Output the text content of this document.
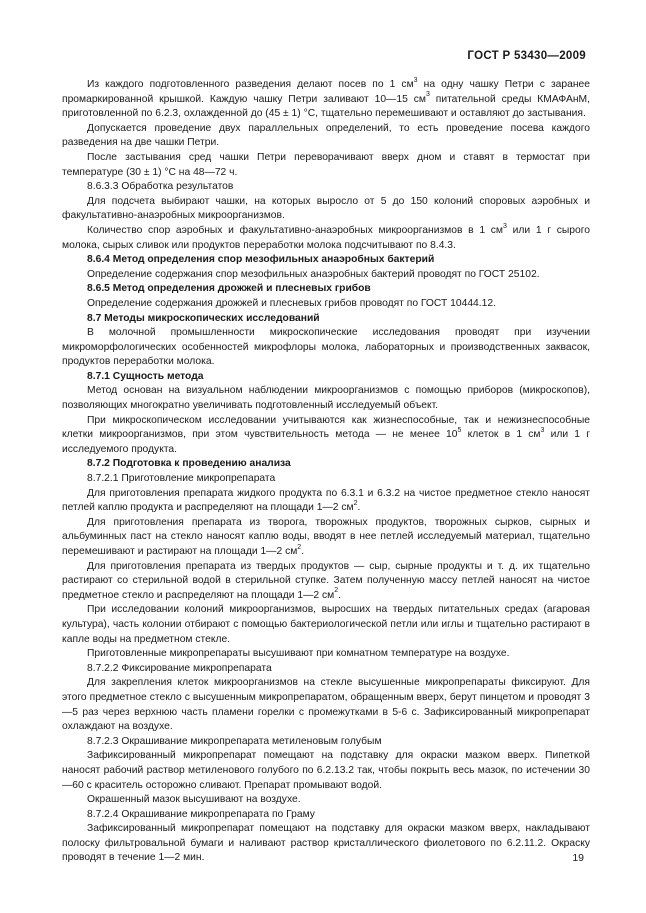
ГОСТ Р 53430—2009

Из каждого подготовленного разведения делают посев по 1 $см^3$ на одну чашку Петри с заранее промаркированной крышкой. Каждую чашку Петри заливают 10—15 $см^3$ питательной среды КМАФАнМ, приготовленной по 6.2.3, охлажденной до (45 ± 1) °С, тщательно перемешивают и оставляют до застывания.

Допускается проведение двух параллельных определений, то есть проведение посева каждого разведения на две чашки Петри.

После застывания сред чашки Петри переворачивают вверх дном и ставят в термостат при температуре (30 ± 1) °С на 48—72 ч.

8.6.3.3 Обработка результатов

Для подсчета выбирают чашки, на которых выросло от 5 до 150 колоний споровых аэробных и факультативно-анаэробных микроорганизмов.

Количество спор аэробных и факультативно-анаэробных микроорганизмов в 1 $см^3$ или 1 г сырого молока, сырых сливок или продуктов переработки молока подсчитывают по 8.4.3.

8.6.4 Метод определения спор мезофильных анаэробных бактерий

Определение содержания спор мезофильных анаэробных бактерий проводят по ГОСТ 25102.

8.6.5 Метод определения дрожжей и плесневых грибов

Определение содержания дрожжей и плесневых грибов проводят по ГОСТ 10444.12.

8.7 Методы микроскопических исследований

В молочной промышленности микроскопические исследования проводят при изучении микроморфологических особенностей микрофлоры молока, лабораторных и производственных заквасок, продуктов переработки молока.

8.7.1 Сущность метода

Метод основан на визуальном наблюдении микроорганизмов с помощью приборов (микроскопов), позволяющих многократно увеличивать подготовленный исследуемый объект.

При микроскопическом исследовании учитываются как жизнеспособные, так и нежизнеспособные клетки микроорганизмов, при этом чувствительность метода — не менее $10^5$ клеток в 1 $см^3$ или 1 г исследуемого продукта.

8.7.2 Подготовка к проведению анализа

8.7.2.1 Приготовление микропрепарата

Для приготовления препарата жидкого продукта по 6.3.1 и 6.3.2 на чистое предметное стекло наносят петлей каплю продукта и распределяют на площади 1—2 $см^2$.

Для приготовления препарата из творога, творожных продуктов, творожных сырков, сырных и альбуминных паст на стекло наносят каплю воды, вводят в нее петлей исследуемый материал, тщательно перемешивают и растирают на площади 1—2 $см^2$.

Для приготовления препарата из твердых продуктов — сыр, сырные продукты и т. д. их тщательно растирают со стерильной водой в стерильной ступке. Затем полученную массу петлей наносят на чистое предметное стекло и распределяют на площади 1—2 $см^2$.

При исследовании колоний микроорганизмов, выросших на твердых питательных средах (агаровая культура), часть колонии отбирают с помощью бактериологической петли или иглы и тщательно растирают в капле воды на предметном стекле.

Приготовленные микропрепараты высушивают при комнатном температуре на воздухе.

8.7.2.2 Фиксирование микропрепарата

Для закрепления клеток микроорганизмов на стекле высушенные микропрепараты фиксируют. Для этого предметное стекло с высушенным микропрепаратом, обращенным вверх, берут пинцетом и проводят 3—5 раз через верхнюю часть пламени горелки с промежутками в 5-6 с. Зафиксированный микропрепарат охлаждают на воздухе.

8.7.2.3 Окрашивание микропрепарата метиленовым голубым

Зафиксированный микропрепарат помещают на подставку для окраски мазком вверх. Пипеткой наносят рабочий раствор метиленового голубого по 6.2.13.2 так, чтобы покрыть весь мазок, по истечении 30—60 с краситель осторожно сливают. Препарат промывают водой.

Окрашенный мазок высушивают на воздухе.

8.7.2.4 Окрашивание микропрепарата по Граму

Зафиксированный микропрепарат помещают на подставку для окраски мазком вверх, накладывают полоску фильтровальной бумаги и наливают раствор кристаллического фиолетового по 6.2.11.2. Окраску проводят в течение 1—2 мин.	19
